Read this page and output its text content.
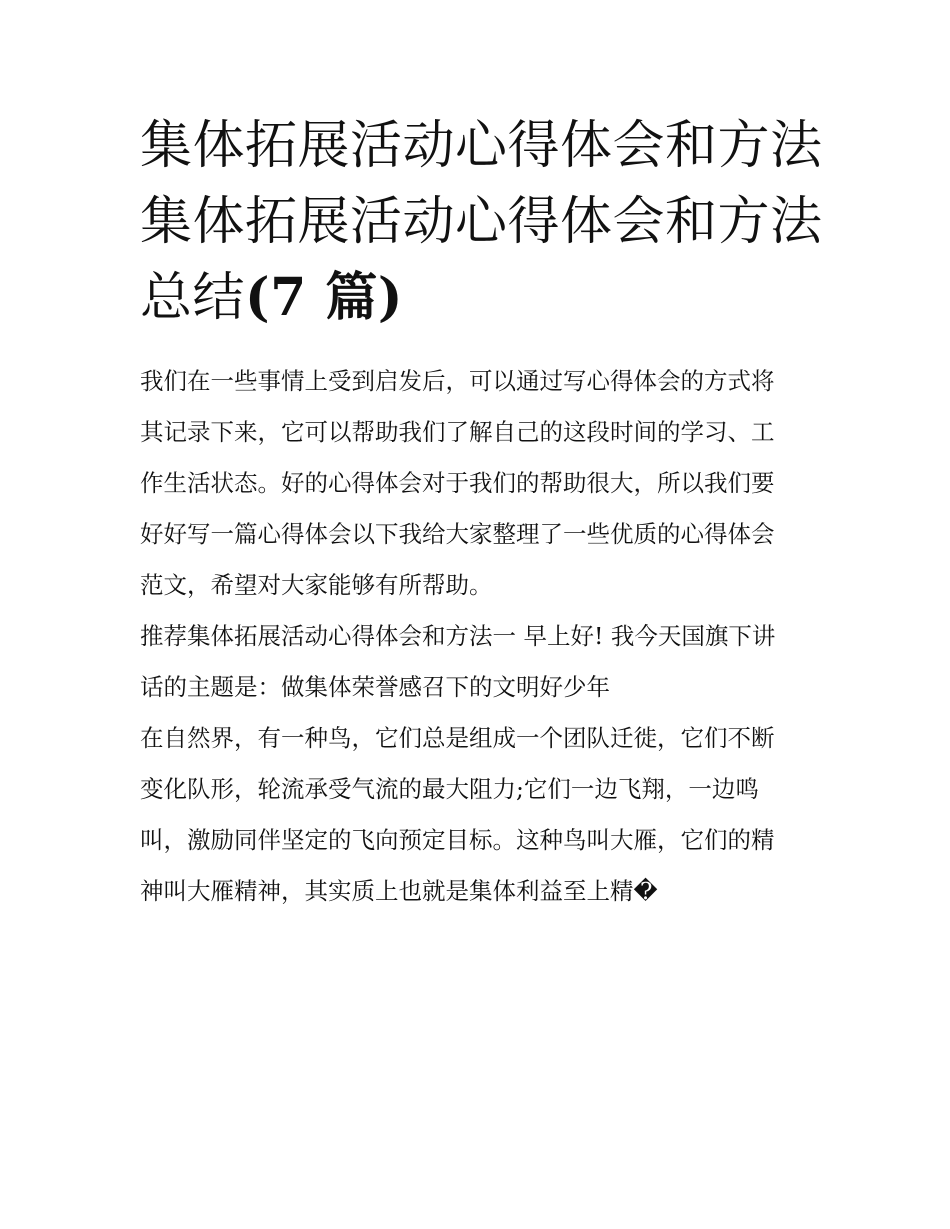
集体拓展活动心得体会和方法
集体拓展活动心得体会和方法
总结(7 篇)
我们在一些事情上受到启发后，可以通过写心得体会的方式将
其记录下来，它可以帮助我们了解自己的这段时间的学习、工
作生活状态。好的心得体会对于我们的帮助很大，所以我们要
好好写一篇心得体会以下我给大家整理了一些优质的心得体会
范文，希望对大家能够有所帮助。
推荐集体拓展活动心得体会和方法一 早上好! 我今天国旗下讲
话的主题是：做集体荣誉感召下的文明好少年
在自然界，有一种鸟，它们总是组成一个团队迁徙，它们不断
变化队形，轮流承受气流的最大阻力;它们一边飞翔，一边鸣
叫，激励同伴坚定的飞向预定目标。这种鸟叫大雁，它们的精
神叫大雁精神，其实质上也就是集体利益至上精�
